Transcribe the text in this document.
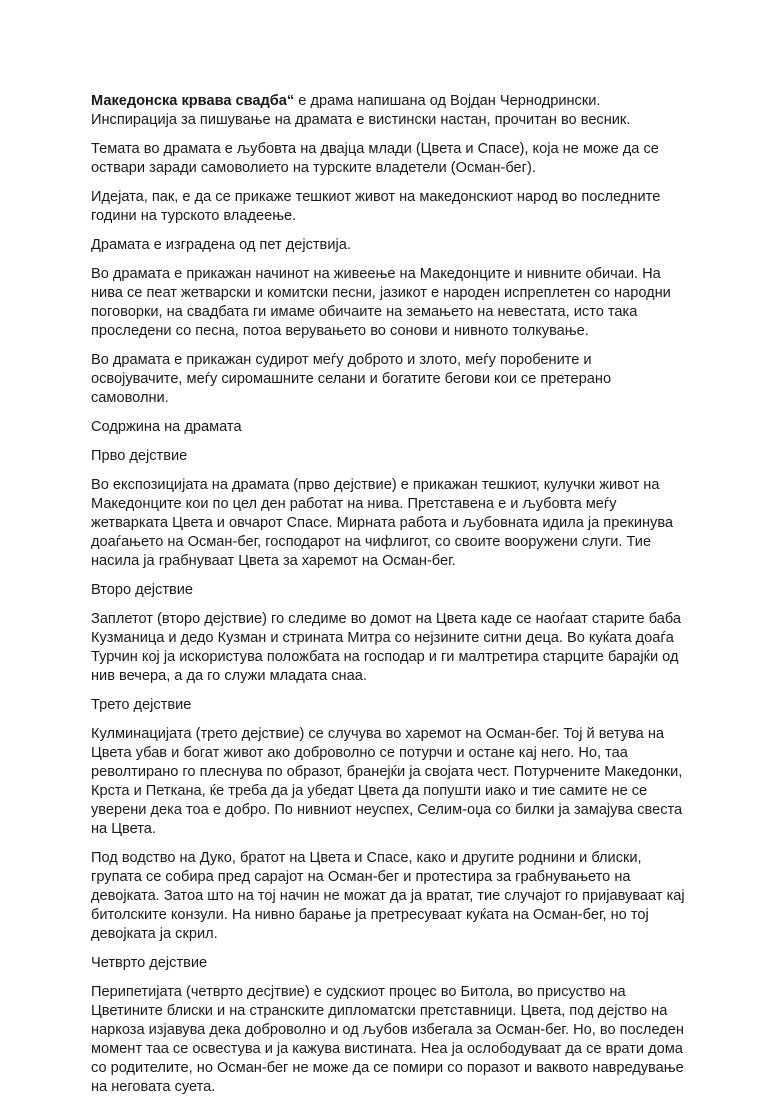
Македонска крвава свадба“ е драма напишана од Војдан Чернодрински. Инспирација за пишување на драмата е вистински настан, прочитан во весник.

Темата во драмата е љубовта на двајца млади (Цвета и Спасе), која не може да се оствари заради самоволието на турските владетели (Осман-бег).

Идејата, пак, е да се прикаже тешкиот живот на македонскиот народ во последните години на турското владеење.

Драмата е изградена од пет дејствија.

Во драмата е прикажан начинот на живеење на Македонците и нивните обичаи. На нива се пеат жетварски и комитски песни, јазикот е народен испреплетен со народни поговорки, на свадбата ги имаме обичаите на земањето на невестата, исто така проследени со песна, потоа верувањето во сонови и нивното толкување.

Во драмата е прикажан судирот меѓу доброто и злото, меѓу поробените и освојувачите, меѓу сиромашните селани и богатите бегови кои се претерано самоволни.

Содржина на драмата

Прво дејствие

Во експозицијата на драмата (прво дејствие) е прикажан тешкиот, кулучки живот на Македонците кои по цел ден работат на нива. Претставена е и љубовта меѓу жетварката Цвета и овчарот Спасе. Мирната работа и љубовната идила ја прекинува доаѓањето на Осман-бег, господарот на чифлигот, со своите вооружени слуги. Тие насила ја грабнуваат Цвета за харемот на Осман-бег.

Второ дејствие

Заплетот (второ дејствие) го следиме во домот на Цвета каде се наоѓаат старите баба Кузманица и дедо Кузман и стрината Митра со нејзините ситни деца. Во куќата доаѓа Турчин кој ја искористува положбата на господар и ги малтретира старците барајќи од нив вечера, а да го служи младата снаа.

Трето дејствие

Кулминацијата (трето дејствие) се случува во харемот на Осман-бег. Тој й ветува на Цвета убав и богат живот ако доброволно се потурчи и остане кај него. Но, таа револтирано го плеснува по образот, бранејќи ја својата чест. Потурчените Македонки, Крста и Петкана, ќе треба да ја убедат Цвета да попушти иако и тие самите не се уверени дека тоа е добро. По нивниот неуспех, Селим-оџа со билки ја замајува свеста на Цвета.

Под водство на Дуко, братот на Цвета и Спасе, како и другите роднини и блиски, групата се собира пред сарајот на Осман-бег и протестира за грабнувањето на девојката. Затоа што на тој начин не можат да ја вратат, тие случајот го пријавуваат кај битолските конзули. На нивно барање ја претресуваат куќата на Осман-бег, но тој девојката ја скрил.

Четврто дејствие

Перипетијата (четврто десјтвие) е судскиот процес во Битола, во присуство на Цветините блиски и на странските дипломатски претставници. Цвета, под дејство на наркоза изјавува дека доброволно и од љубов избегала за Осман-бег. Но, во последен момент таа се освестува и ја кажува вистината. Неа ја ослободуваат да се врати дома со родителите, но Осман-бег не може да се помири со поразот и ваквото навредување на неговата суета.
